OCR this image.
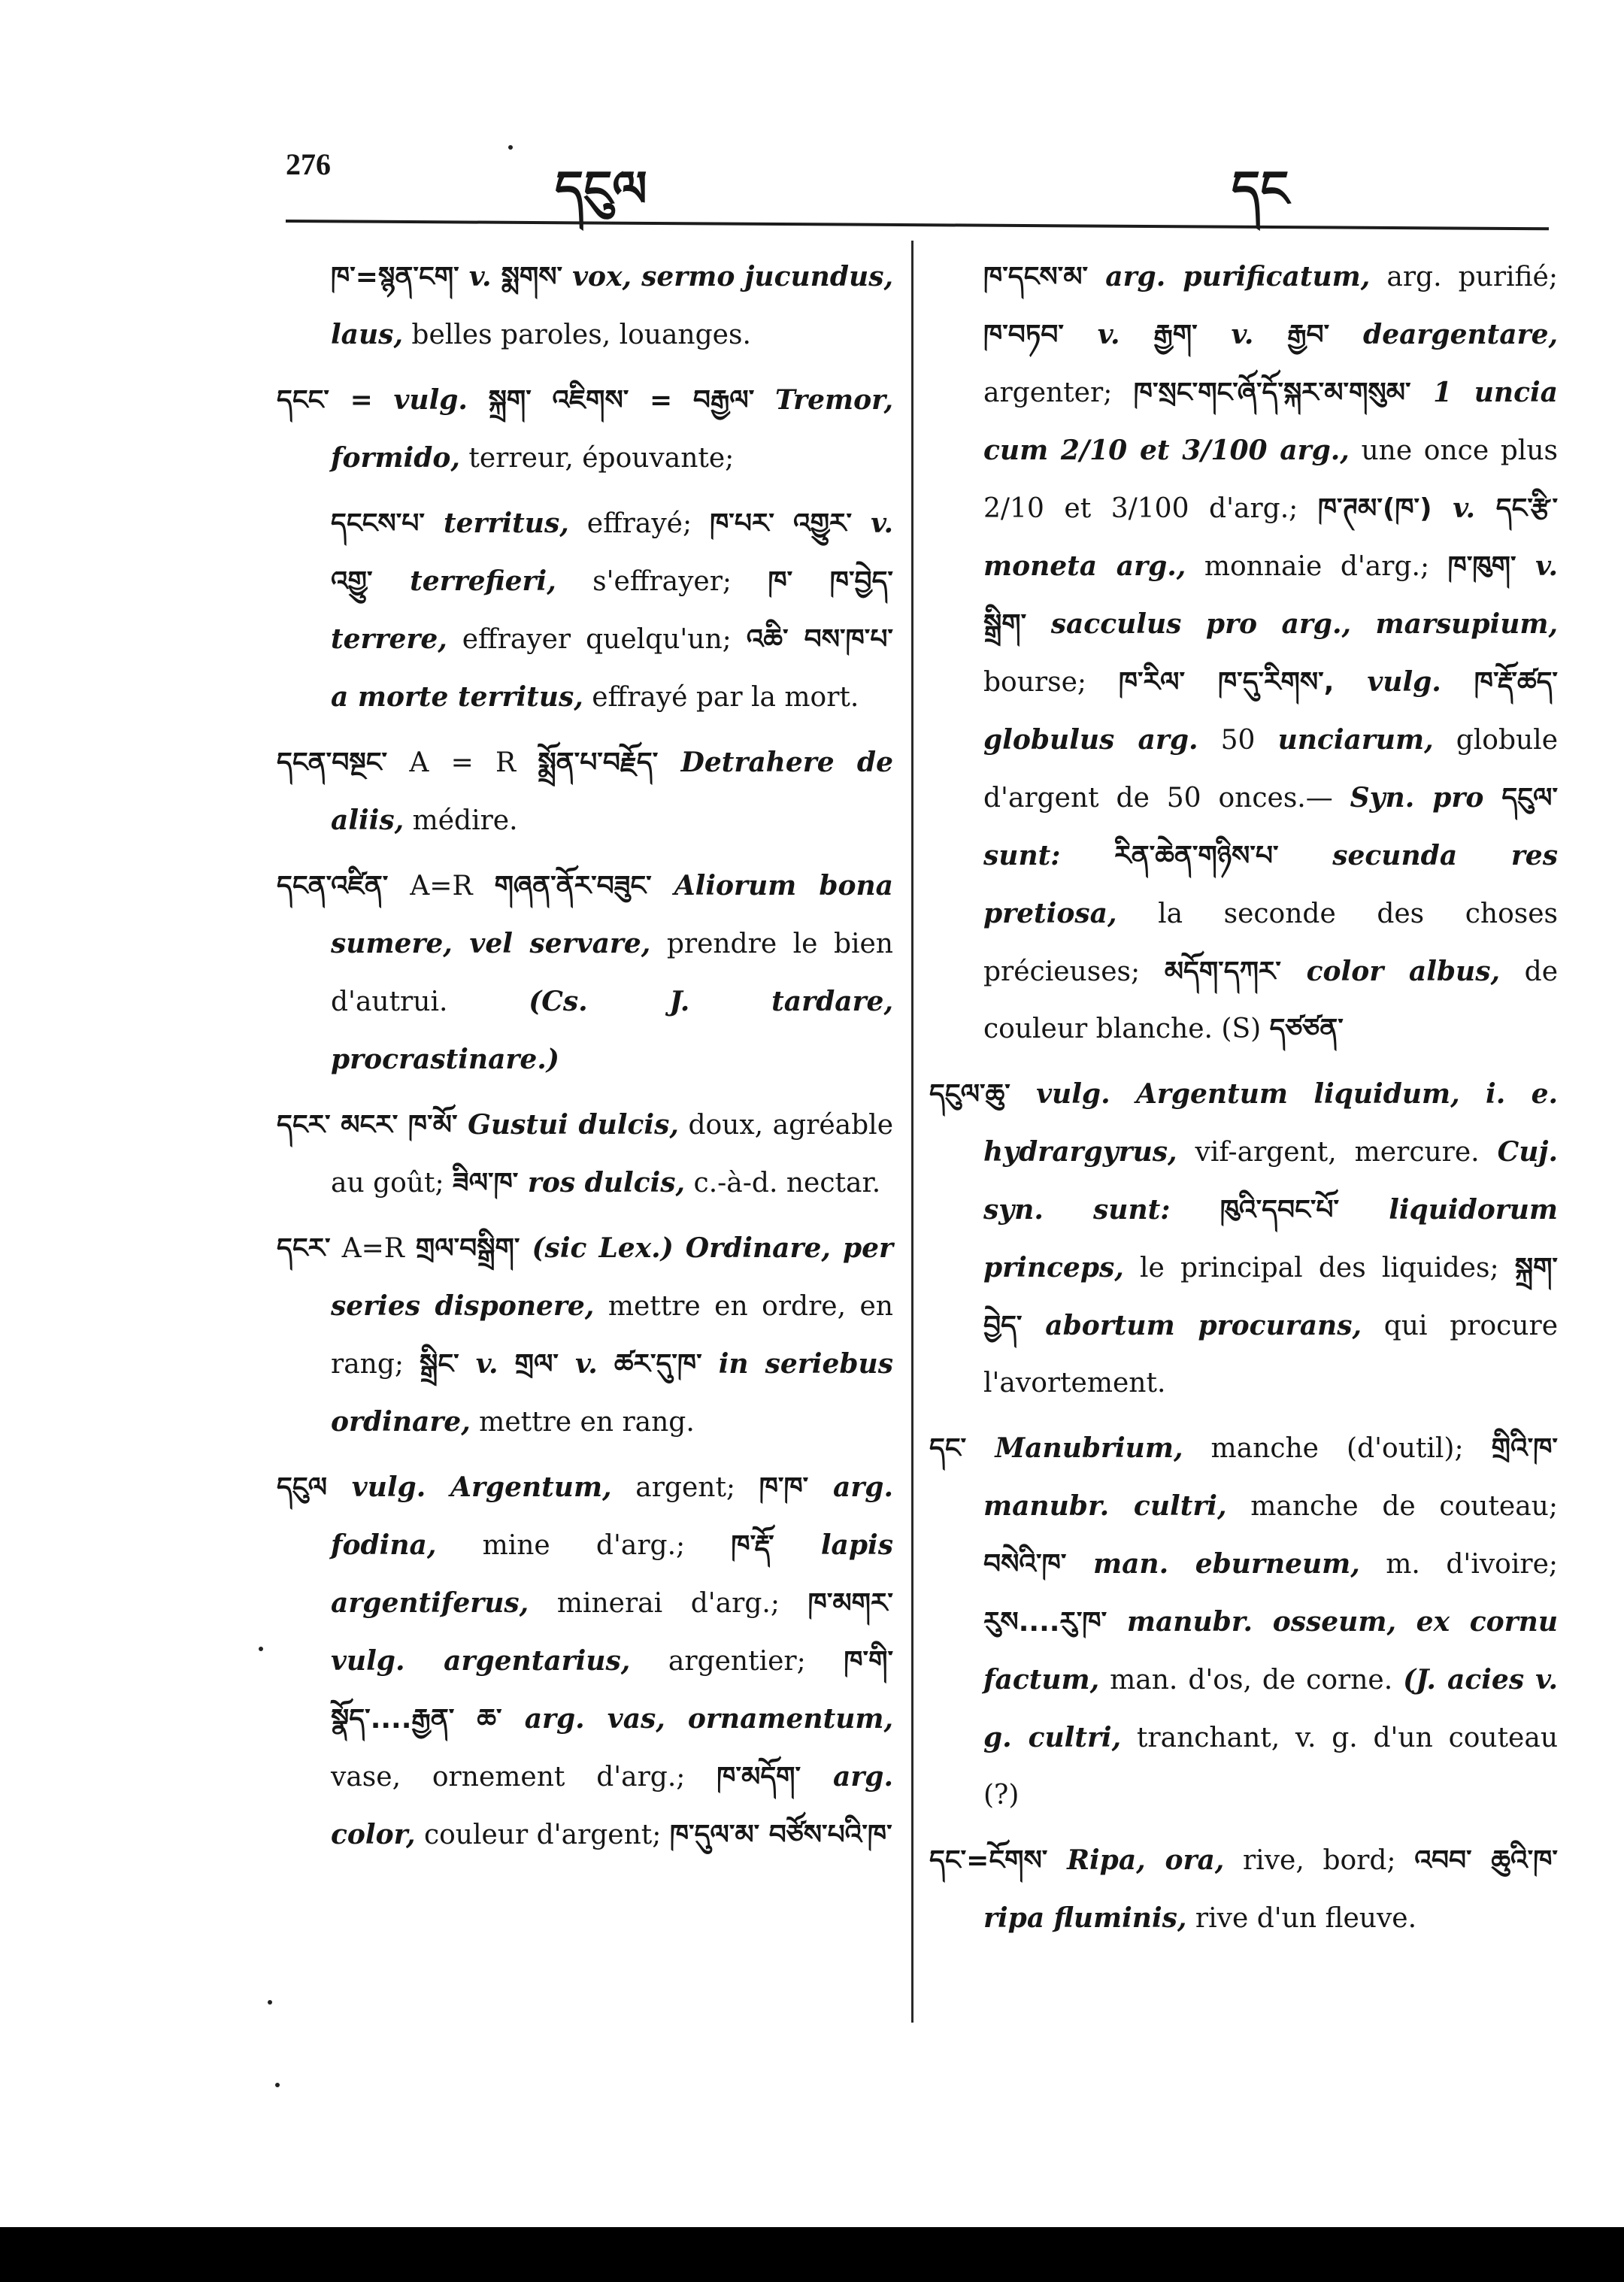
276	དངུལ	དང

ཁ་=སྙན་ངག་ v. སྨགས་ vox, sermo jucundus, laus, belles paroles, louanges.

དངང་ = vulg. སྐྲག་ འཇིགས་ = བརྒྱལ་ Tremor, formido, terreur, épouvante;

དངངས་པ་ territus, effrayé; ཁ་པར་ འགྱུར་ v. འགྱུ་ terrefieri, s'effrayer; ཁ་ ཁ་བྱེད་ terrere, effrayer quelqu'un; འཆི་ བས་ཁ་པ་ a morte territus, effrayé par la mort.

དངན་བསྔང་ A = R སྨྲོན་པ་བརྗོད་ Detrahere de aliis, médire.

དངན་འཛིན་ A=R གཞན་ནོར་བཟུང་ Aliorum bona sumere, vel servare, prendre le bien d'autrui. (Cs. J. tardare, procrastinare.)

དངར་ མངར་ ཁ་མོ་ Gustui dulcis, doux, agréable au goût; ཟིལ་ཁ་ ros dulcis, c.-à-d. nectar.

དངར་ A=R གྲལ་བསྒྲིག་ (sic Lex.) Ordinare, per series disponere, mettre en ordre, en rang; སྒྲིང་ v. གྲལ་ v. ཚར་དུ་ཁ་ in seriebus ordinare, mettre en rang.

དངུལ vulg. Argentum, argent; ཁ་ཁ་ arg. fodina, mine d'arg.; ཁ་རྡོ་ lapis argentiferus, minerai d'arg.; ཁ་མགར་ vulg. argentarius, argentier; ཁ་གི་སྣོད་....རྒྱན་ ཆ་ arg. vas, ornamentum, vase, ornement d'arg.; ཁ་མདོག་ arg. color, couleur d'argent; ཁ་དུལ་མ་ བཙོས་པའི་ཁ་

ཁ་དངས་མ་ arg. purificatum, arg. purifié; ཁ་བཏབ་ v. རྒྱག་ v. རྒྱབ་ deargentare, argenter; ཁ་སྲང་གང་ཞོ་དོ་སྐར་མ་གསུམ་ 1 uncia cum 2/10 et 3/100 arg., une once plus 2/10 et 3/100 d'arg.; ཁ་ཊམ་(ཁ་) v. དང་རྩི་ moneta arg., monnaie d'arg.; ཁ་ཁུག་ v. སྒྲིག་ sacculus pro arg., marsupium, bourse; ཁ་རིལ་ ཁ་དུ་རིགས་, vulg. ཁ་རྡོ་ཚད་ globulus arg. 50 unciarum, globule d'argent de 50 onces.— Syn. pro དངུལ་ sunt: རིན་ཆེན་གཉིས་པ་ secunda res pretiosa, la seconde des choses précieuses; མདོག་དཀར་ color albus, de couleur blanche. (S) དཙཙན་

དངུལ་ཆུ་ vulg. Argentum liquidum, i. e. hydrargyrus, vif-argent, mercure. Cuj. syn. sunt: ཁུའི་དབང་པོ་ liquidorum princeps, le principal des liquides; སྐྲག་ བྱེད་ abortum procurans, qui procure l'avortement.

དང་ Manubrium, manche (d'outil); གྲིའི་ཁ་ manubr. cultri, manche de couteau; བསེའི་ཁ་ man. eburneum, m. d'ivoire; རུས....རུ་ཁ་ manubr. osseum, ex cornu factum, man. d'os, de corne. (J. acies v. g. cultri, tranchant, v. g. d'un couteau (?)

དང་=ངོགས་ Ripa, ora, rive, bord; འབབ་ ཆུའི་ཁ་ ripa fluminis, rive d'un fleuve.
